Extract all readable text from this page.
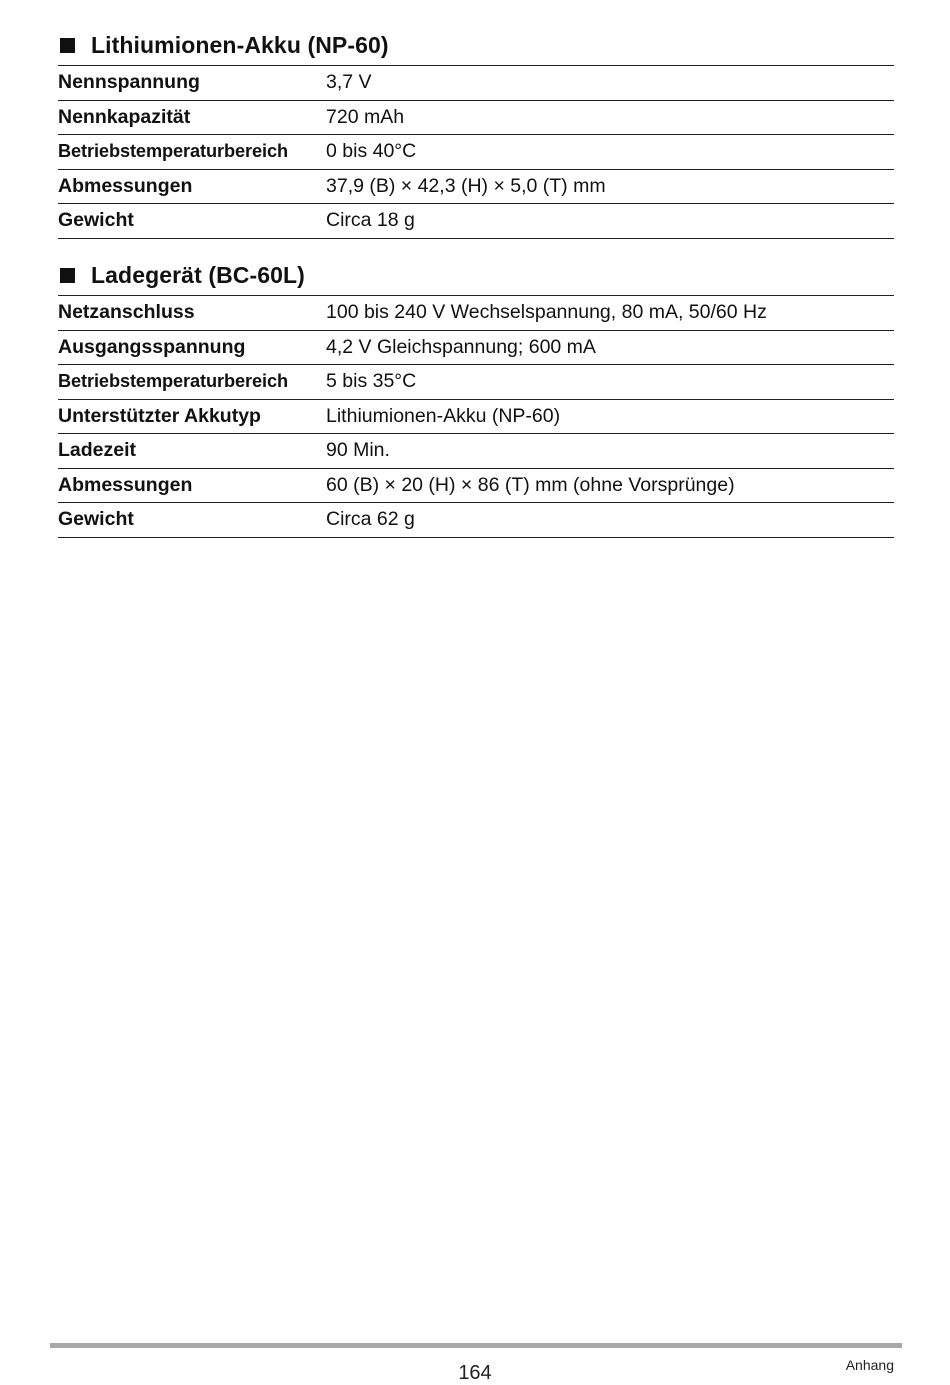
Lithiumionen-Akku (NP-60)
Nennspannung	3,7 V
Nennkapazität	720 mAh
Betriebstemperaturbereich	0 bis 40°C
Abmessungen	37,9 (B) × 42,3 (H) × 5,0 (T) mm
Gewicht	Circa 18 g
Ladegerät (BC-60L)
Netzanschluss	100 bis 240 V Wechselspannung, 80 mA, 50/60 Hz
Ausgangsspannung	4,2 V Gleichspannung; 600 mA
Betriebstemperaturbereich	5 bis 35°C
Unterstützter Akkutyp	Lithiumionen-Akku (NP-60)
Ladezeit	90 Min.
Abmessungen	60 (B) × 20 (H) × 86 (T) mm (ohne Vorsprünge)
Gewicht	Circa 62 g
Anhang
164
